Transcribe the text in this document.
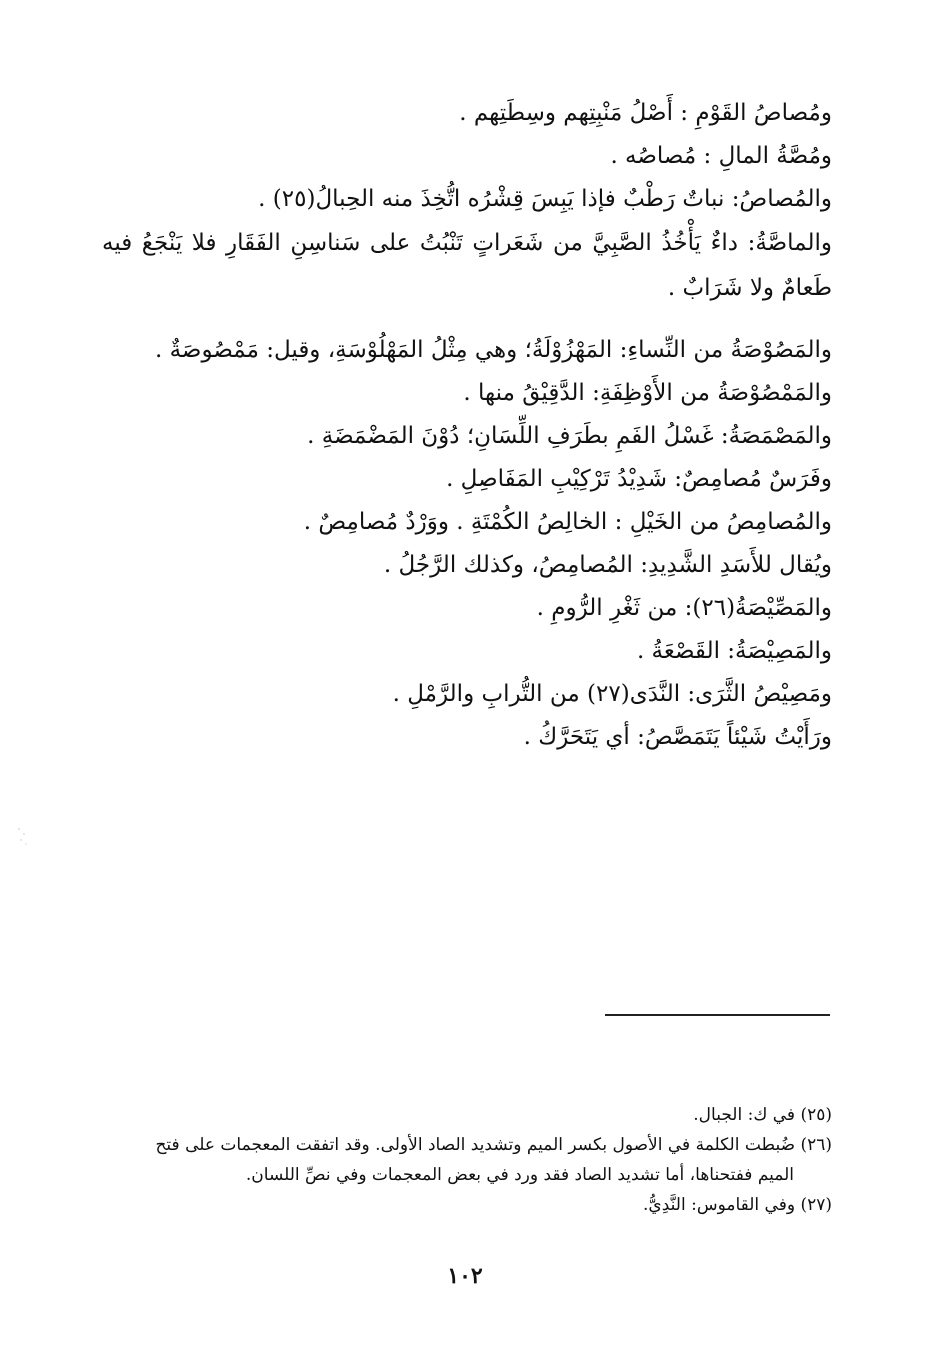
ومُصاصُ القَوْمِ : أَصْلُ مَنْبِتِهم وسِطَتِهم .

ومُصَّةُ المالِ : مُصاصُه .

والمُصاصُ: نباتٌ رَطْبٌ فإذا يَبِسَ قِشْرُه اتُّخِذَ منه الحِبالُ(٢٥) .

والماصَّةُ: داءٌ يَأْخُذُ الصَّبِيَّ من شَعَراتٍ تَنْبُتُ على سَناسِنِ الفَقَارِ فلا يَنْجَعُ فيه طَعامٌ ولا شَرَابٌ .

والمَصُوْصَةُ من النِّساءِ: المَهْزُوْلَةُ؛ وهي مِثْلُ المَهْلُوْسَةِ، وقيل: مَمْصُوصَةٌ .

والمَمْصُوْصَةُ من الأَوْظِفَةِ: الدَّقِيْقُ منها .

والمَصْمَصَةُ: غَسْلُ الفَمِ بطَرَفِ اللِّسَانِ؛ دُوْنَ المَضْمَضَةِ .

وفَرَسٌ مُصامِصٌ: شَدِيْدُ تَرْكِيْبِ المَفَاصِلِ .

والمُصامِصُ من الخَيْلِ : الخالِصُ الكُمْتَةِ . ووَرْدٌ مُصامِصٌ .

ويُقال للأَسَدِ الشَّدِيدِ: المُصامِصُ، وكذلك الرَّجُلُ .

والمَصِّيْصَةُ(٢٦): من ثَغْرِ الرُّومِ .

والمَصِيْصَةُ: القَصْعَةُ .

ومَصِيْصُ الثَّرَى: النَّدَى(٢٧) من التُّرابِ والرَّمْلِ .

ورَأَيْتُ شَيْئاً يَتَمَصَّصُ: أي يَتَحَرَّكُ .

(٢٥) في ك: الجبال.

(٢٦) ضُبطت الكلمة في الأصول بكسر الميم وتشديد الصاد الأولى. وقد اتفقت المعجمات على فتح

الميم ففتحناها، أما تشديد الصاد فقد ورد في بعض المعجمات وفي نصِّ اللسان.

(٢٧) وفي القاموس: النَّدِيُّ.

١٠٢
